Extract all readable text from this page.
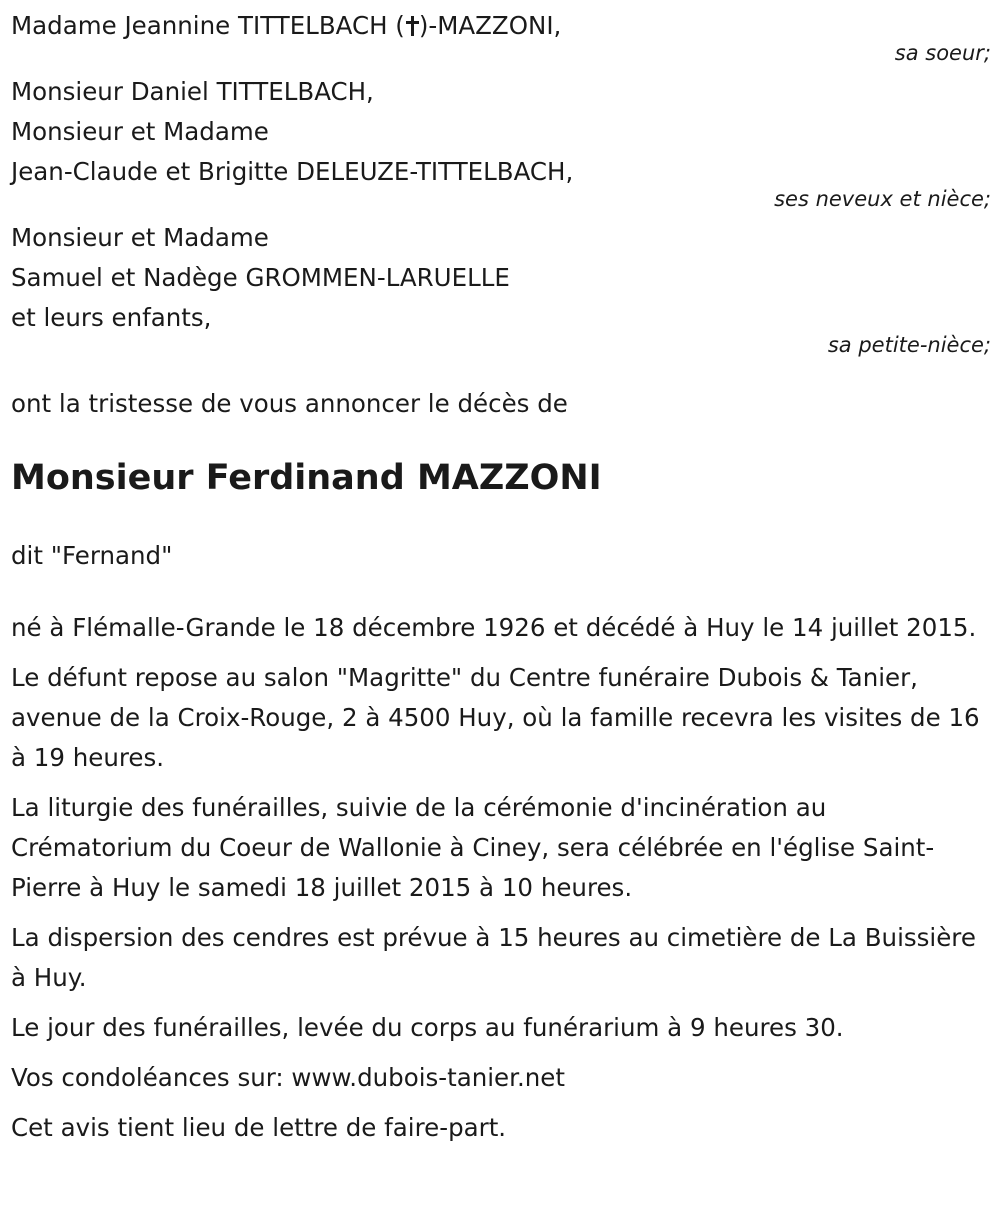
Madame Jeannine TITTELBACH ( )-MAZZONI,

sa soeur;

Monsieur Daniel TITTELBACH,

Monsieur et Madame

Jean-Claude et Brigitte DELEUZE-TITTELBACH,

ses neveux et nièce;

Monsieur et Madame

Samuel et Nadège GROMMEN-LARUELLE

et leurs enfants,

sa petite-nièce;

ont la tristesse de vous annoncer le décès de

Monsieur Ferdinand MAZZONI

dit "Fernand"

né à Flémalle-Grande le 18 décembre 1926 et décédé à Huy le 14 juillet 2015.

Le défunt repose au salon "Magritte" du Centre funéraire Dubois & Tanier, avenue de la Croix-Rouge, 2 à 4500 Huy, où la famille recevra les visites de 16 à 19 heures.

La liturgie des funérailles, suivie de la cérémonie d'incinération au Crématorium du Coeur de Wallonie à Ciney, sera célébrée en l'église Saint-Pierre à Huy le samedi 18 juillet 2015 à 10 heures.

La dispersion des cendres est prévue à 15 heures au cimetière de La Buissière à Huy.

Le jour des funérailles, levée du corps au funérarium à 9 heures 30.

Vos condoléances sur: www.dubois-tanier.net

Cet avis tient lieu de lettre de faire-part.
